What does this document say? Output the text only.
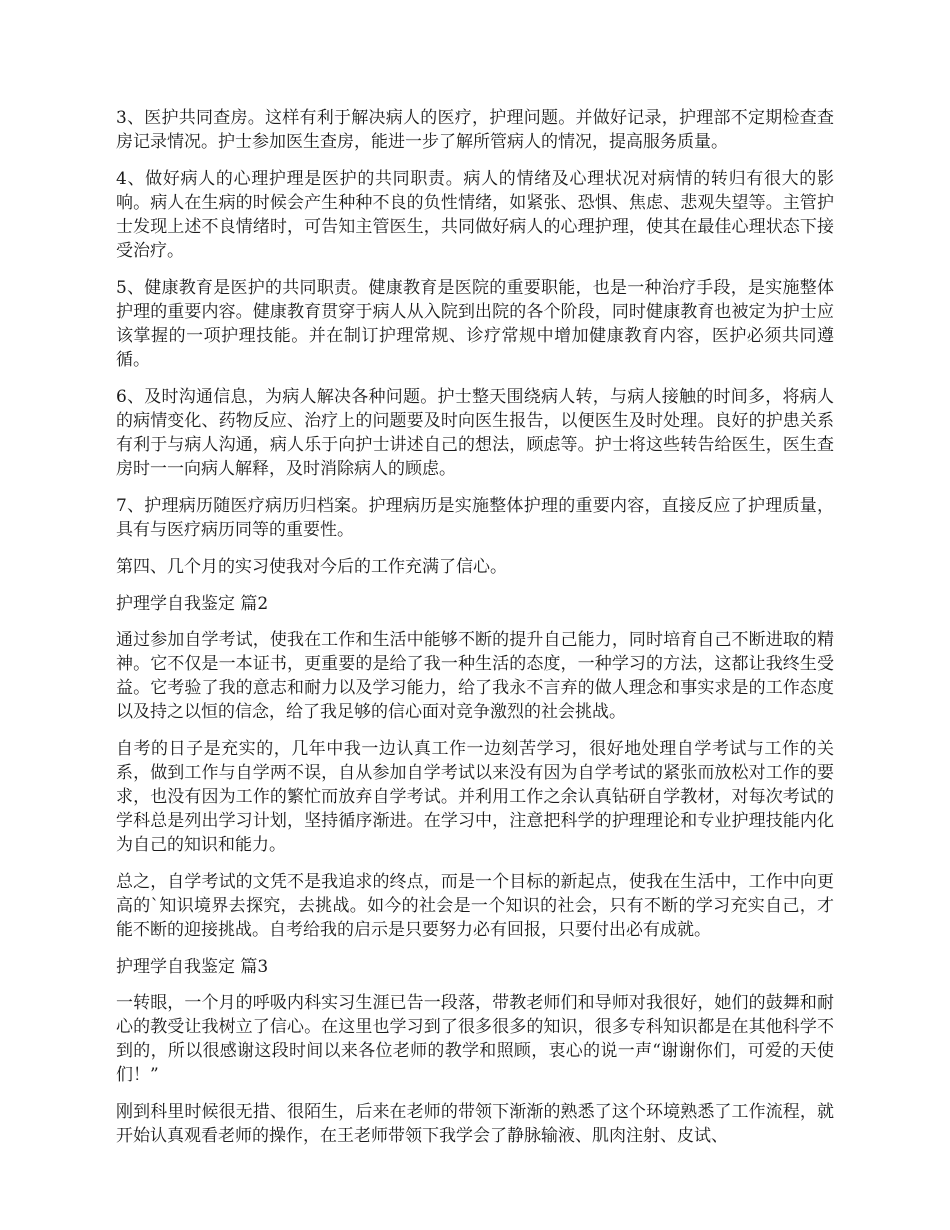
3、医护共同查房。这样有利于解决病人的医疗，护理问题。并做好记录，护理部不定期检查查房记录情况。护士参加医生查房，能进一步了解所管病人的情况，提高服务质量。

4、做好病人的心理护理是医护的共同职责。病人的情绪及心理状况对病情的转归有很大的影响。病人在生病的时候会产生种种不良的负性情绪，如紧张、恐惧、焦虑、悲观失望等。主管护士发现上述不良情绪时，可告知主管医生，共同做好病人的心理护理，使其在最佳心理状态下接受治疗。

5、健康教育是医护的共同职责。健康教育是医院的重要职能，也是一种治疗手段，是实施整体护理的重要内容。健康教育贯穿于病人从入院到出院的各个阶段，同时健康教育也被定为护士应该掌握的一项护理技能。并在制订护理常规、诊疗常规中增加健康教育内容，医护必须共同遵循。

6、及时沟通信息，为病人解决各种问题。护士整天围绕病人转，与病人接触的时间多，将病人的病情变化、药物反应、治疗上的问题要及时向医生报告，以便医生及时处理。良好的护患关系有利于与病人沟通，病人乐于向护士讲述自己的想法，顾虑等。护士将这些转告给医生，医生查房时一一向病人解释，及时消除病人的顾虑。

7、护理病历随医疗病历归档案。护理病历是实施整体护理的重要内容，直接反应了护理质量，具有与医疗病历同等的重要性。

第四、几个月的实习使我对今后的工作充满了信心。

护理学自我鉴定 篇2

通过参加自学考试，使我在工作和生活中能够不断的提升自己能力，同时培育自己不断进取的精神。它不仅是一本证书，更重要的是给了我一种生活的态度，一种学习的方法，这都让我终生受益。它考验了我的意志和耐力以及学习能力，给了我永不言弃的做人理念和事实求是的工作态度以及持之以恒的信念，给了我足够的信心面对竞争激烈的社会挑战。

自考的日子是充实的，几年中我一边认真工作一边刻苦学习，很好地处理自学考试与工作的关系，做到工作与自学两不误，自从参加自学考试以来没有因为自学考试的紧张而放松对工作的要求，也没有因为工作的繁忙而放弃自学考试。并利用工作之余认真钻研自学教材，对每次考试的学科总是列出学习计划，坚持循序渐进。在学习中，注意把科学的护理理论和专业护理技能内化为自己的知识和能力。

总之，自学考试的文凭不是我追求的终点，而是一个目标的新起点，使我在生活中，工作中向更高的`知识境界去探究，去挑战。如今的社会是一个知识的社会，只有不断的学习充实自己，才能不断的迎接挑战。自考给我的启示是只要努力必有回报，只要付出必有成就。

护理学自我鉴定 篇3

一转眼，一个月的呼吸内科实习生涯已告一段落，带教老师们和导师对我很好，她们的鼓舞和耐心的教受让我树立了信心。在这里也学习到了很多很多的知识，很多专科知识都是在其他科学不到的，所以很感谢这段时间以来各位老师的教学和照顾，衷心的说一声“谢谢你们，可爱的天使们！”

刚到科里时候很无措、很陌生，后来在老师的带领下渐渐的熟悉了这个环境熟悉了工作流程，就开始认真观看老师的操作，在王老师带领下我学会了静脉输液、肌肉注射、皮试、
